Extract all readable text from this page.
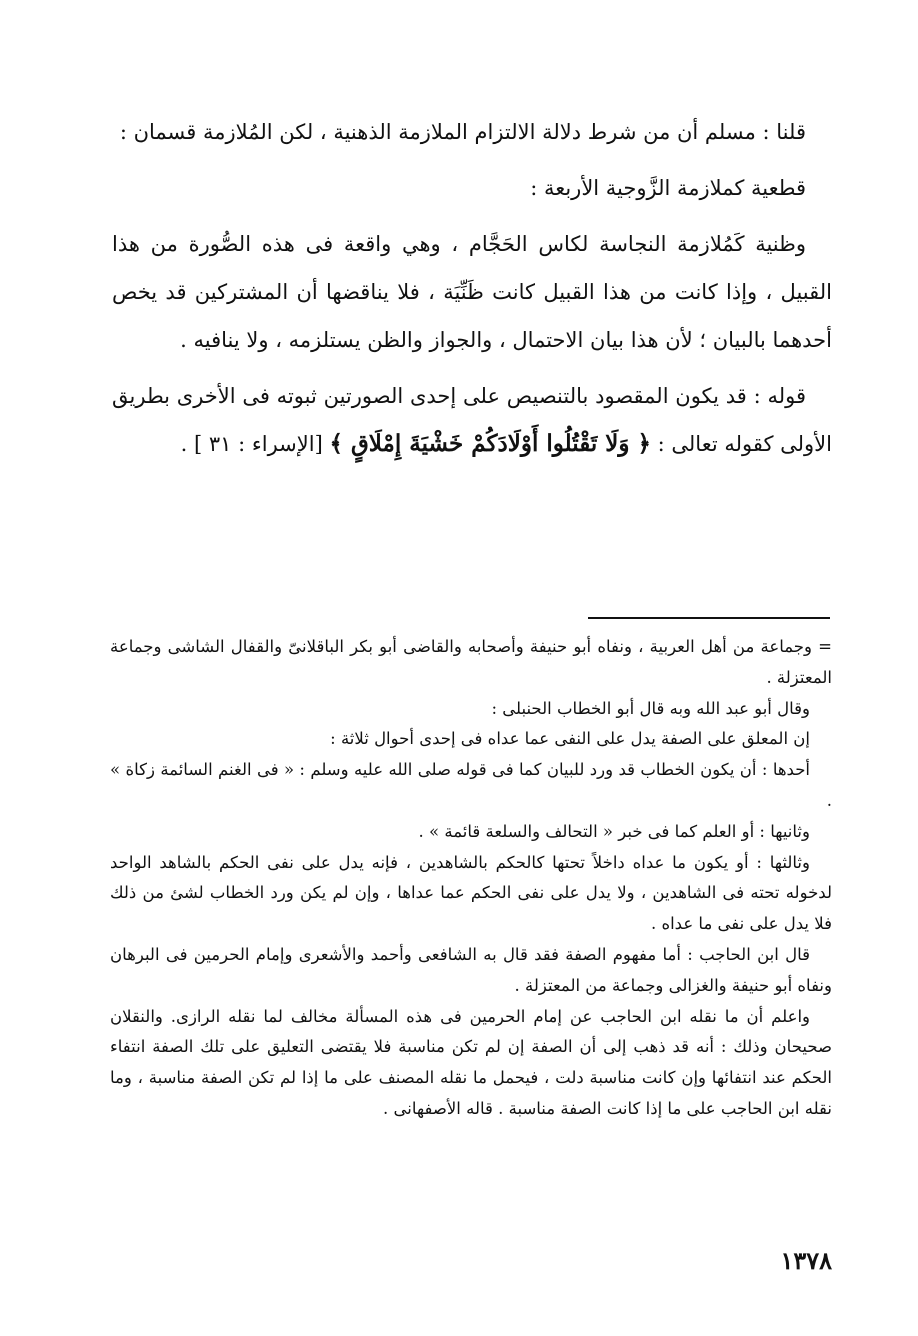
قلنا : مسلم أن من شرط دلالة الالتزام الملازمة الذهنية ، لكن المُلازمة قسمان :

قطعية كملازمة الزَّوجية الأربعة :

وظنية كَمُلازمة النجاسة لكاس الحَجَّام ، وهي واقعة فى هذه الصُّورة من هذا القبيل ، وإذا كانت من هذا القبيل كانت ظَنِّيَة ، فلا يناقضها أن المشتركين قد يخص أحدهما بالبيان ؛ لأن هذا بيان الاحتمال ، والجواز والظن يستلزمه ، ولا ينافيه .

قوله : قد يكون المقصود بالتنصيص على إحدى الصورتين ثبوته فى الأخرى بطريق الأولى كقوله تعالى : ﴿ وَلَا تَقْتُلُوا أَوْلَادَكُمْ خَشْيَةَ إِمْلَاقٍ ﴾ [الإسراء : ٣١ ] .

= وجماعة من أهل العربية ، ونفاه أبو حنيفة وأصحابه والقاضى أبو بكر الباقلانىّ والقفال الشاشى وجماعة المعتزلة .

وقال أبو عبد الله وبه قال أبو الخطاب الحنبلى :

إن المعلق على الصفة يدل على النفى عما عداه فى إحدى أحوال ثلاثة :

أحدها : أن يكون الخطاب قد ورد للبيان كما فى قوله صلى الله عليه وسلم : « فى الغنم السائمة زكاة » .

وثانيها : أو العلم كما فى خبر « التحالف والسلعة قائمة » .

وثالثها : أو يكون ما عداه داخلاً تحتها كالحكم بالشاهدين ، فإنه يدل على نفى الحكم بالشاهد الواحد لدخوله تحته فى الشاهدين ، ولا يدل على نفى الحكم عما عداها ، وإن لم يكن ورد الخطاب لشئ من ذلك فلا يدل على نفى ما عداه .

قال ابن الحاجب : أما مفهوم الصفة فقد قال به الشافعى وأحمد والأشعرى وإمام الحرمين فى البرهان ونفاه أبو حنيفة والغزالى وجماعة من المعتزلة .

واعلم أن ما نقله ابن الحاجب عن إمام الحرمين فى هذه المسألة مخالف لما نقله الرازى. والنقلان صحيحان وذلك : أنه قد ذهب إلى أن الصفة إن لم تكن مناسبة فلا يقتضى التعليق على تلك الصفة انتفاء الحكم عند انتفائها وإن كانت مناسبة دلت ، فيحمل ما نقله المصنف على ما إذا لم تكن الصفة مناسبة ، وما نقله ابن الحاجب على ما إذا كانت الصفة مناسبة . قاله الأصفهانى .

١٣٧٨
